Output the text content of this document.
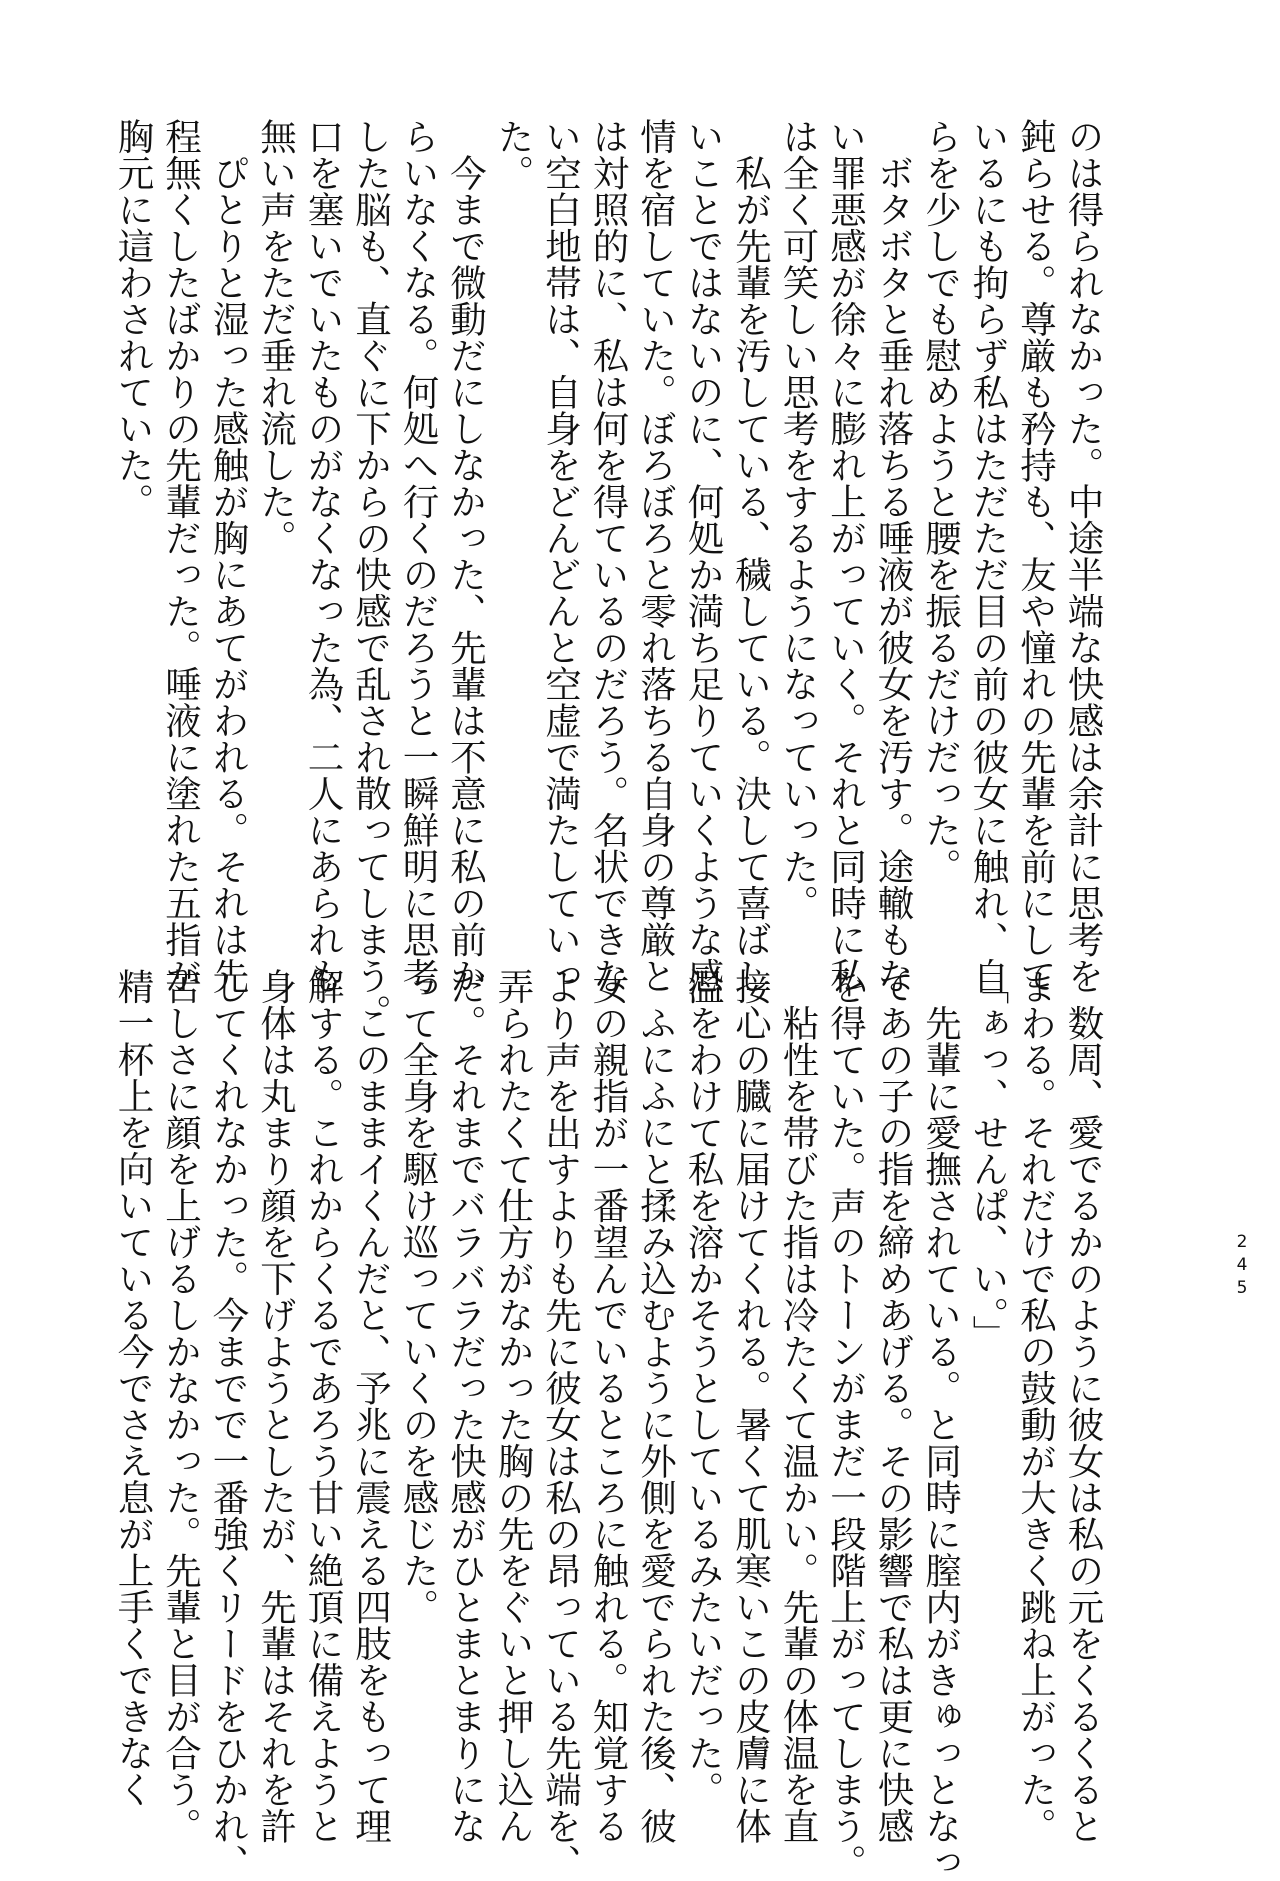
のは得られなかった。中途半端な快感は余計に思考を
鈍らせる。尊厳も矜持も、友や憧れの先輩を前にして
いるにも拘らず私はただただ目の前の彼女に触れ、自
らを少しでも慰めようと腰を振るだけだった。
　ボタボタと垂れ落ちる唾液が彼女を汚す。途轍もな
い罪悪感が徐々に膨れ上がっていく。それと同時に私
は全く可笑しい思考をするようになっていった。
　私が先輩を汚している、穢している。決して喜ばし
いことではないのに、何処か満ち足りていくような感
情を宿していた。ぼろぼろと零れ落ちる自身の尊厳と
は対照的に、私は何を得ているのだろう。名状できな
い空白地帯は、自身をどんどんと空虚で満たしていっ
た。
　今まで微動だにしなかった、先輩は不意に私の前か
らいなくなる。何処へ行くのだろうと一瞬鮮明に思考
した脳も、直ぐに下からの快感で乱され散ってしまう。
口を塞いでいたものがなくなった為、二人にあられも
無い声をただ垂れ流した。
　ぴとりと湿った感触が胸にあてがわれる。それは先
程無くしたばかりの先輩だった。唾液に塗れた五指が
胸元に這わされていた。
　数周、愛でるかのように彼女は私の元をくるくると
まわる。それだけで私の鼓動が大きく跳ね上がった。
「ぁっ、せんぱ、い。」
　先輩に愛撫されている。と同時に膣内がきゅっとなっ
てあの子の指を締めあげる。その影響で私は更に快感
を得ていた。声のトーンがまだ一段階上がってしまう。
　粘性を帯びた指は冷たくて温かい。先輩の体温を直
接心の臓に届けてくれる。暑くて肌寒いこの皮膚に体
温をわけて私を溶かそうとしているみたいだった。
　ふにふにと揉み込むように外側を愛でられた後、彼
女の親指が一番望んでいるところに触れる。知覚する
より声を出すよりも先に彼女は私の昂っている先端を、
弄られたくて仕方がなかった胸の先をぐいと押し込ん
だ。それまでバラバラだった快感がひとまとまりにな
って全身を駆け巡っていくのを感じた。
　このままイくんだと、予兆に震える四肢をもって理
解する。これからくるであろう甘い絶頂に備えようと
身体は丸まり顔を下げようとしたが、先輩はそれを許
してくれなかった。今までで一番強くリードをひかれ、
苦しさに顔を上げるしかなかった。先輩と目が合う。
精一杯上を向いている今でさえ息が上手くできなく	245
